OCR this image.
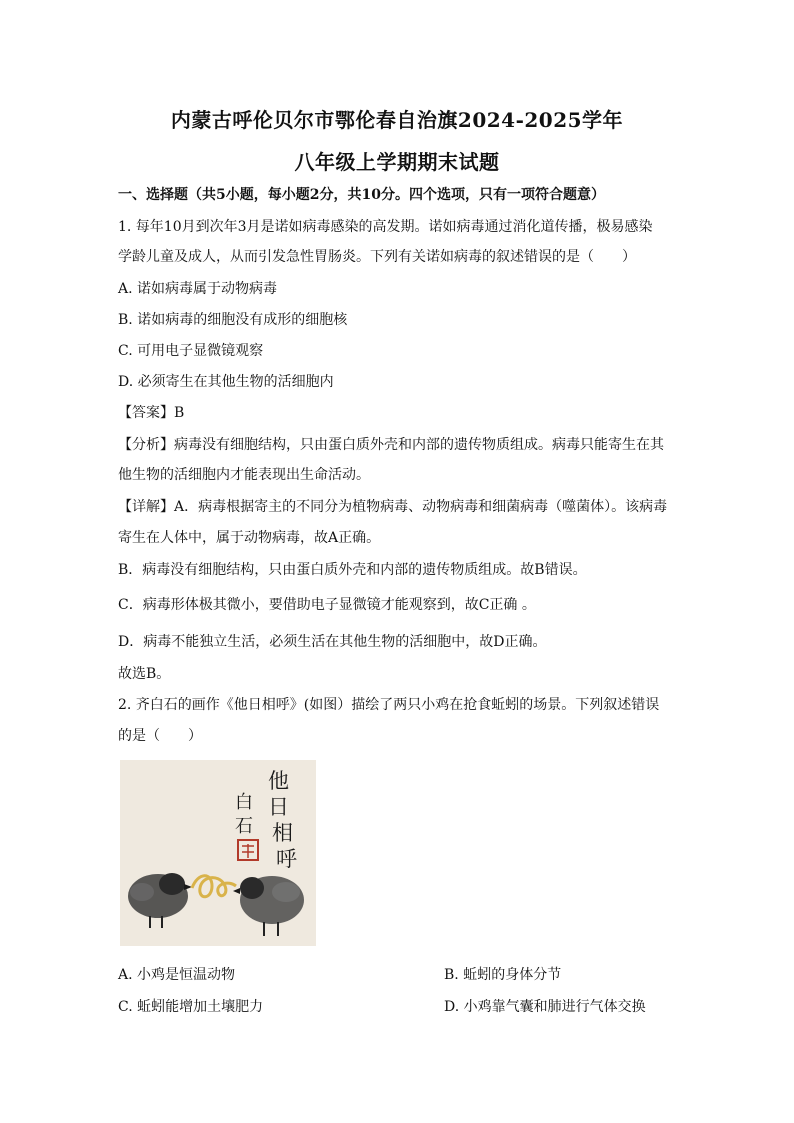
内蒙古呼伦贝尔市鄂伦春自治旗2024-2025学年
八年级上学期期末试题
一、选择题（共5小题，每小题2分，共10分。四个选项，只有一项符合题意）
1. 每年10月到次年3月是诺如病毒感染的高发期。诺如病毒通过消化道传播，极易感染
学龄儿童及成人，从而引发急性胃肠炎。下列有关诺如病毒的叙述错误的是（　　）
A. 诺如病毒属于动物病毒
B. 诺如病毒的细胞没有成形的细胞核
C. 可用电子显微镜观察
D. 必须寄生在其他生物的活细胞内
【答案】B
【分析】病毒没有细胞结构，只由蛋白质外壳和内部的遗传物质组成。病毒只能寄生在其
他生物的活细胞内才能表现出生命活动。
【详解】A．病毒根据寄主的不同分为植物病毒、动物病毒和细菌病毒（噬菌体）。该病毒
寄生在人体中，属于动物病毒，故A正确。
B．病毒没有细胞结构，只由蛋白质外壳和内部的遗传物质组成。故B错误。
C．病毒形体极其微小，要借助电子显微镜才能观察到，故C正确 。
D．病毒不能独立生活，必须生活在其他生物的活细胞中，故D正确。
故选B。
2. 齐白石的画作《他日相呼》(如图）描绘了两只小鸡在抢食蚯蚓的场景。下列叙述错误
的是（　　）
他 日 相 呼
白 石
A. 小鸡是恒温动物	B. 蚯蚓的身体分节
C. 蚯蚓能增加土壤肥力	D. 小鸡靠气囊和肺进行气体交换
